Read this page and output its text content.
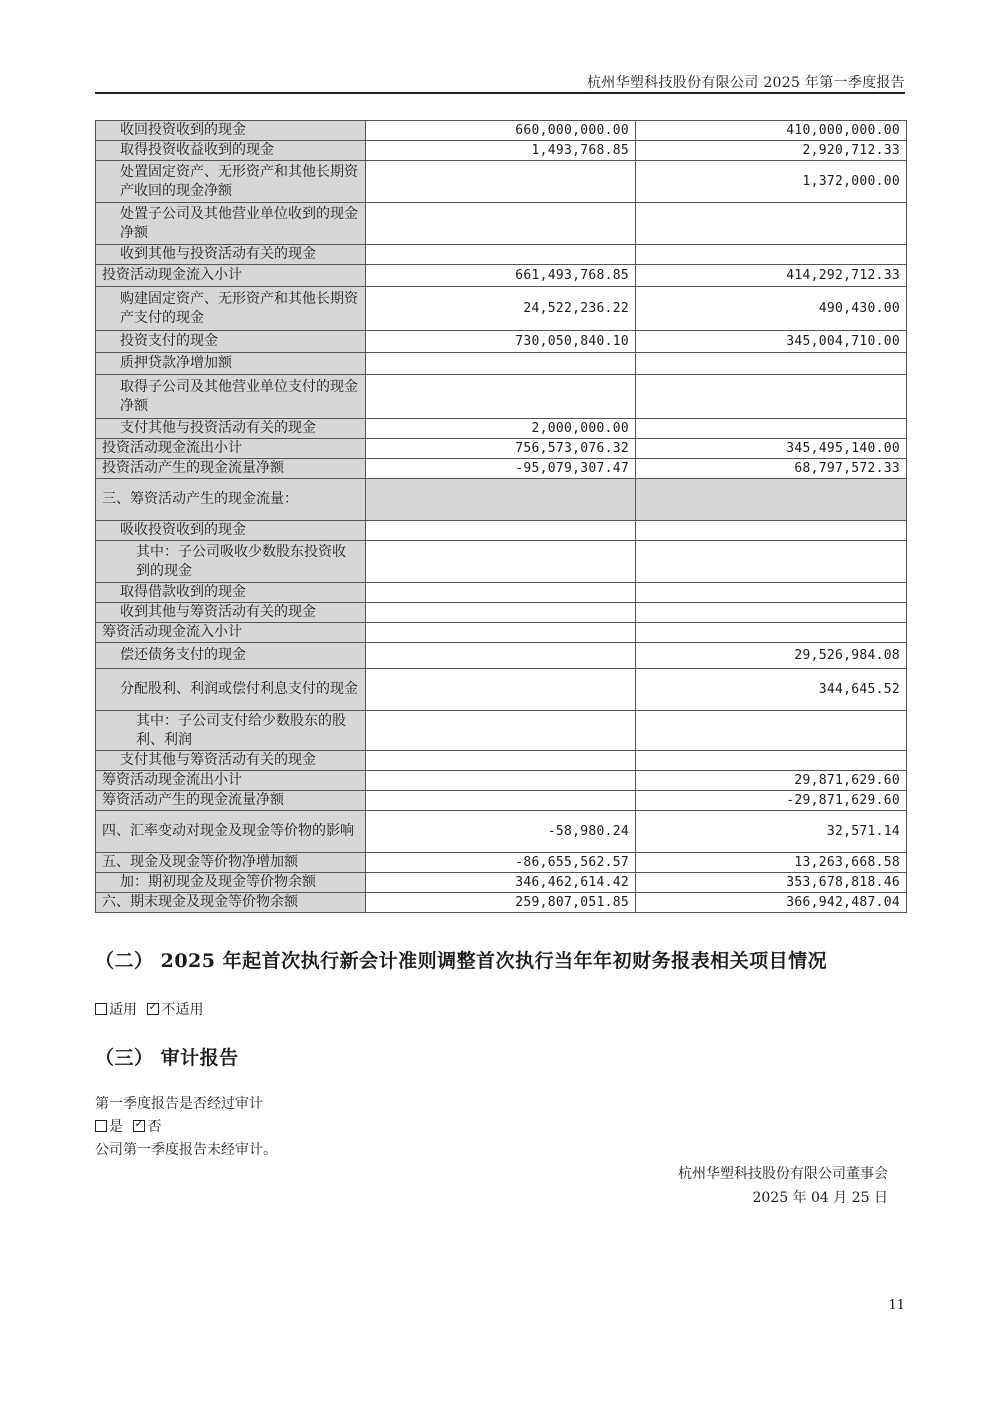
杭州华塑科技股份有限公司 2025 年第一季度报告
收回投资收到的现金	660,000,000.00	410,000,000.00
取得投资收益收到的现金	1,493,768.85	2,920,712.33
处置固定资产、无形资产和其他长期资产收回的现金净额		1,372,000.00
处置子公司及其他营业单位收到的现金净额		
收到其他与投资活动有关的现金		
投资活动现金流入小计	661,493,768.85	414,292,712.33
购建固定资产、无形资产和其他长期资产支付的现金	24,522,236.22	490,430.00
投资支付的现金	730,050,840.10	345,004,710.00
质押贷款净增加额		
取得子公司及其他营业单位支付的现金净额		
支付其他与投资活动有关的现金	2,000,000.00	
投资活动现金流出小计	756,573,076.32	345,495,140.00
投资活动产生的现金流量净额	-95,079,307.47	68,797,572.33
三、筹资活动产生的现金流量：		
吸收投资收到的现金		
其中：子公司吸收少数股东投资收到的现金		
取得借款收到的现金		
收到其他与筹资活动有关的现金		
筹资活动现金流入小计		
偿还债务支付的现金		29,526,984.08
分配股利、利润或偿付利息支付的现金		344,645.52
其中：子公司支付给少数股东的股利、利润		
支付其他与筹资活动有关的现金		
筹资活动现金流出小计		29,871,629.60
筹资活动产生的现金流量净额		-29,871,629.60
四、汇率变动对现金及现金等价物的影响	-58,980.24	32,571.14
五、现金及现金等价物净增加额	-86,655,562.57	13,263,668.58
加：期初现金及现金等价物余额	346,462,614.42	353,678,818.46
六、期末现金及现金等价物余额	259,807,051.85	366,942,487.04
（二） 2025 年起首次执行新会计准则调整首次执行当年年初财务报表相关项目情况
适用 ✓ 不适用
（三） 审计报告
第一季度报告是否经过审计
是 ✓ 否
公司第一季度报告未经审计。
杭州华塑科技股份有限公司董事会
2025 年 04 月 25 日
11
